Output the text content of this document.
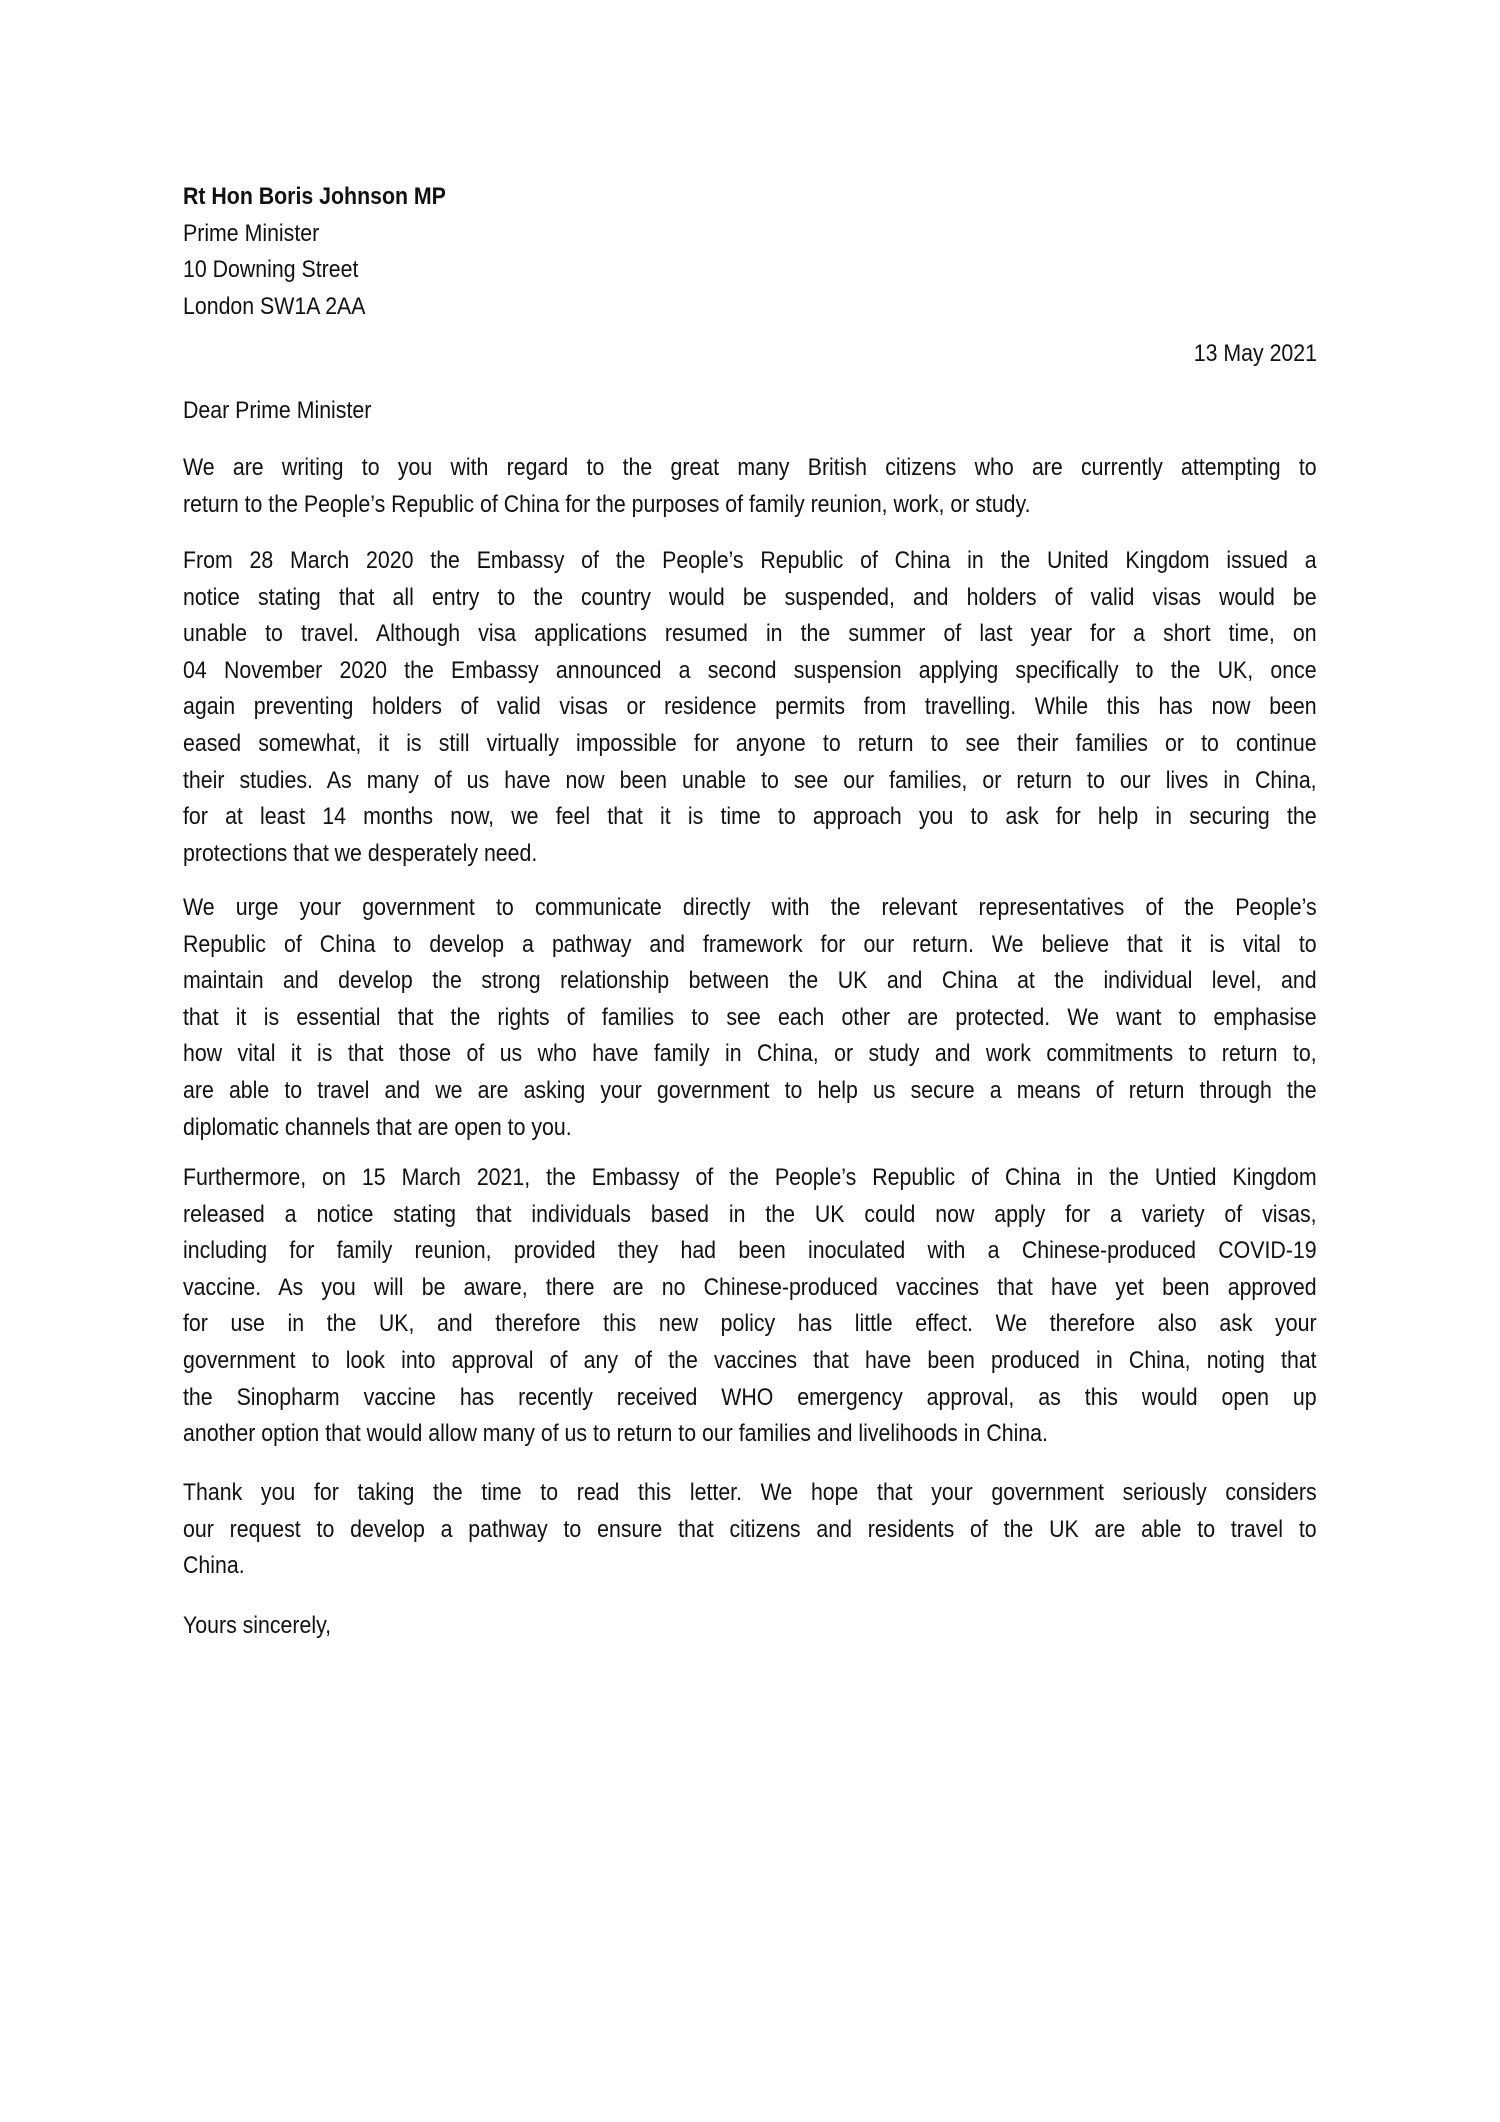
Rt Hon Boris Johnson MP
Prime Minister
10 Downing Street
London SW1A 2AA
13 May 2021
Dear Prime Minister
We are writing to you with regard to the great many British citizens who are currently attempting to
return to the People’s Republic of China for the purposes of family reunion, work, or study.
From 28 March 2020 the Embassy of the People’s Republic of China in the United Kingdom issued a
notice stating that all entry to the country would be suspended, and holders of valid visas would be
unable to travel. Although visa applications resumed in the summer of last year for a short time, on
04 November 2020 the Embassy announced a second suspension applying specifically to the UK, once
again preventing holders of valid visas or residence permits from travelling. While this has now been
eased somewhat, it is still virtually impossible for anyone to return to see their families or to continue
their studies. As many of us have now been unable to see our families, or return to our lives in China,
for at least 14 months now, we feel that it is time to approach you to ask for help in securing the
protections that we desperately need.
We urge your government to communicate directly with the relevant representatives of the People’s
Republic of China to develop a pathway and framework for our return. We believe that it is vital to
maintain and develop the strong relationship between the UK and China at the individual level, and
that it is essential that the rights of families to see each other are protected. We want to emphasise
how vital it is that those of us who have family in China, or study and work commitments to return to,
are able to travel and we are asking your government to help us secure a means of return through the
diplomatic channels that are open to you.
Furthermore, on 15 March 2021, the Embassy of the People’s Republic of China in the Untied Kingdom
released a notice stating that individuals based in the UK could now apply for a variety of visas,
including for family reunion, provided they had been inoculated with a Chinese-produced COVID-19
vaccine. As you will be aware, there are no Chinese-produced vaccines that have yet been approved
for use in the UK, and therefore this new policy has little effect. We therefore also ask your
government to look into approval of any of the vaccines that have been produced in China, noting that
the Sinopharm vaccine has recently received WHO emergency approval, as this would open up
another option that would allow many of us to return to our families and livelihoods in China.
Thank you for taking the time to read this letter. We hope that your government seriously considers
our request to develop a pathway to ensure that citizens and residents of the UK are able to travel to
China.
Yours sincerely,
